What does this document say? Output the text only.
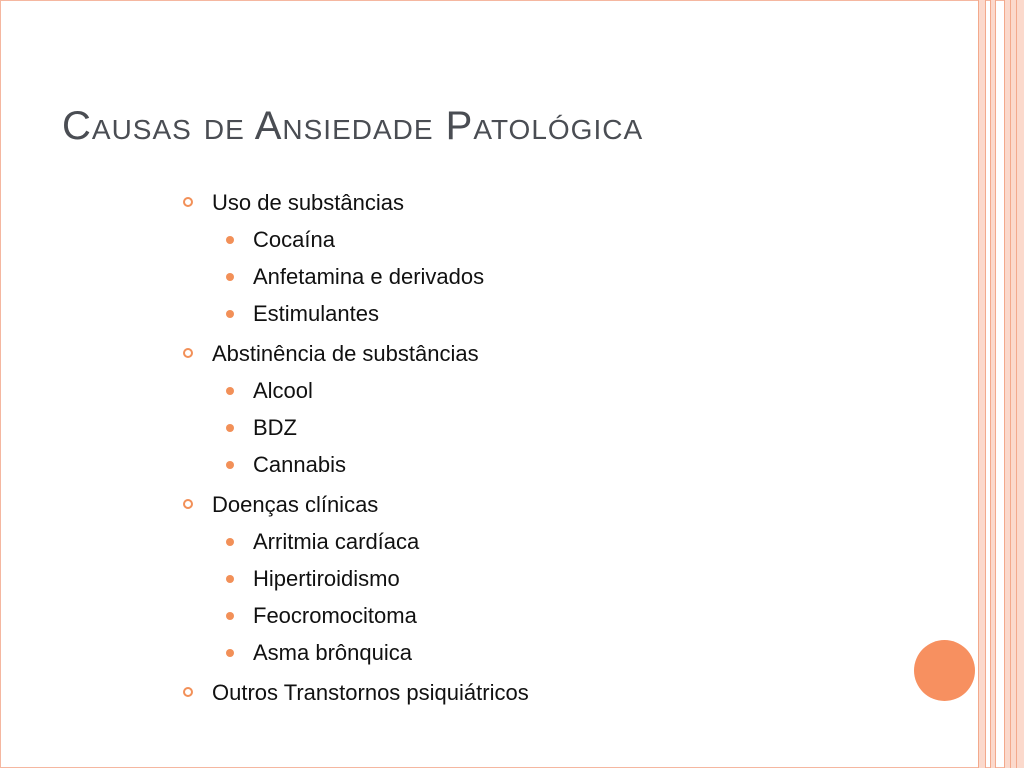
Causas de Ansiedade Patológica
Uso de substâncias
Cocaína
Anfetamina e derivados
Estimulantes
Abstinência de substâncias
Alcool
BDZ
Cannabis
Doenças clínicas
Arritmia cardíaca
Hipertiroidismo
Feocromocitoma
Asma brônquica
Outros Transtornos psiquiátricos
